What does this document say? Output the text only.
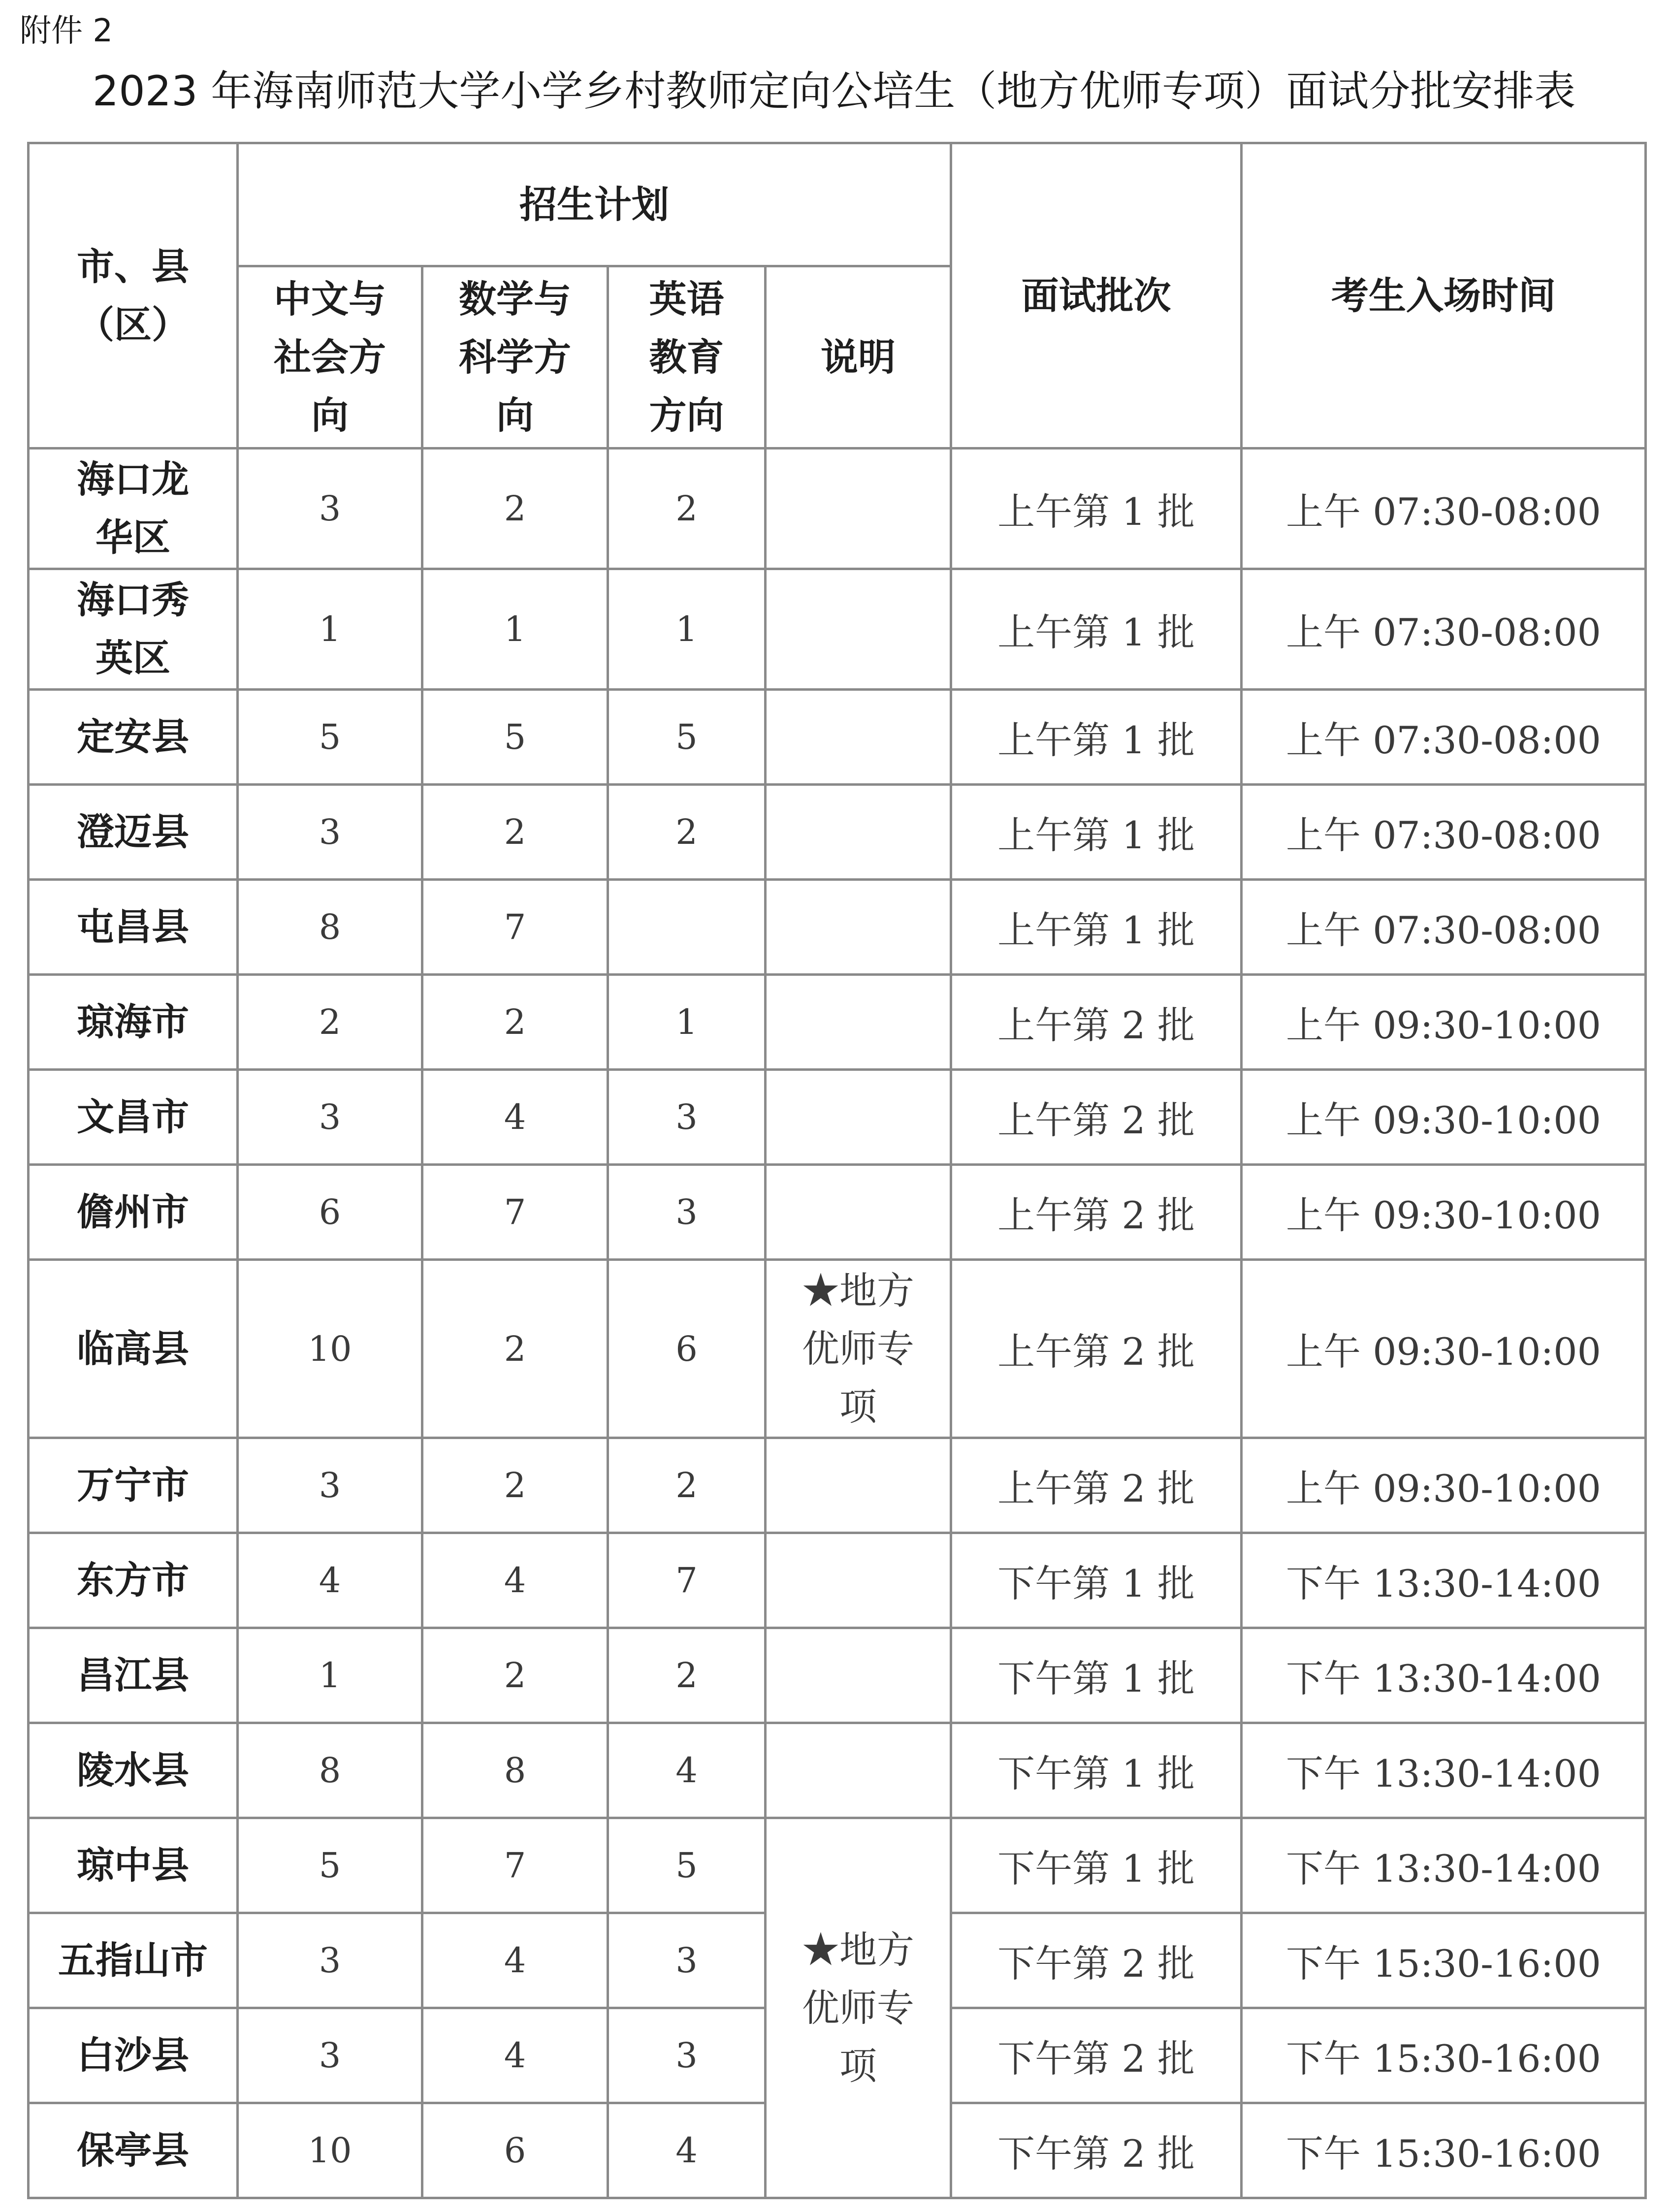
附件 2
2023 年海南师范大学小学乡村教师定向公培生（地方优师专项）面试分批安排表
市、县（区）	招生计划				面试批次	考生入场时间

	中文与社会方向	数学与科学方向	英语教育方向	说明		

海口龙华区	3	2	2		上午第 1 批	上午 07:30-08:00

海口秀英区	1	1	1		上午第 1 批	上午 07:30-08:00
定安县	5	5	5		上午第 1 批	上午 07:30-08:00
澄迈县	3	2	2		上午第 1 批	上午 07:30-08:00
屯昌县	8	7			上午第 1 批	上午 07:30-08:00
琼海市	2	2	1		上午第 2 批	上午 09:30-10:00
文昌市	3	4	3		上午第 2 批	上午 09:30-10:00
儋州市	6	7	3		上午第 2 批	上午 09:30-10:00
临高县	10	2	6	★地方优师专项	上午第 2 批	上午 09:30-10:00
万宁市	3	2	2		上午第 2 批	上午 09:30-10:00
东方市	4	4	7		下午第 1 批	下午 13:30-14:00
昌江县	1	2	2		下午第 1 批	下午 13:30-14:00
陵水县	8	8	4		下午第 1 批	下午 13:30-14:00
琼中县	5	7	5	★地方优师专项	下午第 1 批	下午 13:30-14:00
五指山市	3	4	3		下午第 2 批	下午 15:30-16:00
白沙县	3	4	3		下午第 2 批	下午 15:30-16:00
保亭县	10	6	4		下午第 2 批	下午 15:30-16:00
